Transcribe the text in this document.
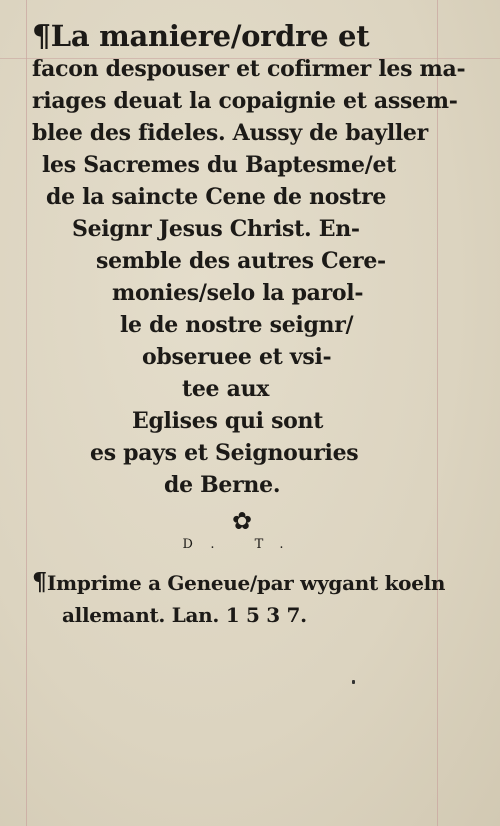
¶La maniere/ordre et
facon despouser et cofirmer les ma-
riages deuat la copaignie et assem-
blee des fideles. Aussy de bayller
les Sacremes du Baptesme/et
de la saincte Cene de nostre
Seignr Jesus Christ. En-
semble des autres Cere-
monies/selo la parol-
le de nostre seignr/
obseruee et vsi-
tee aux
Eglises qui sont
es pays et Seignouries
de Berne.
✿
D. T.
¶Imprime a Geneue/par wygant koeln
allemant. Lan. 1 5 3 7.
